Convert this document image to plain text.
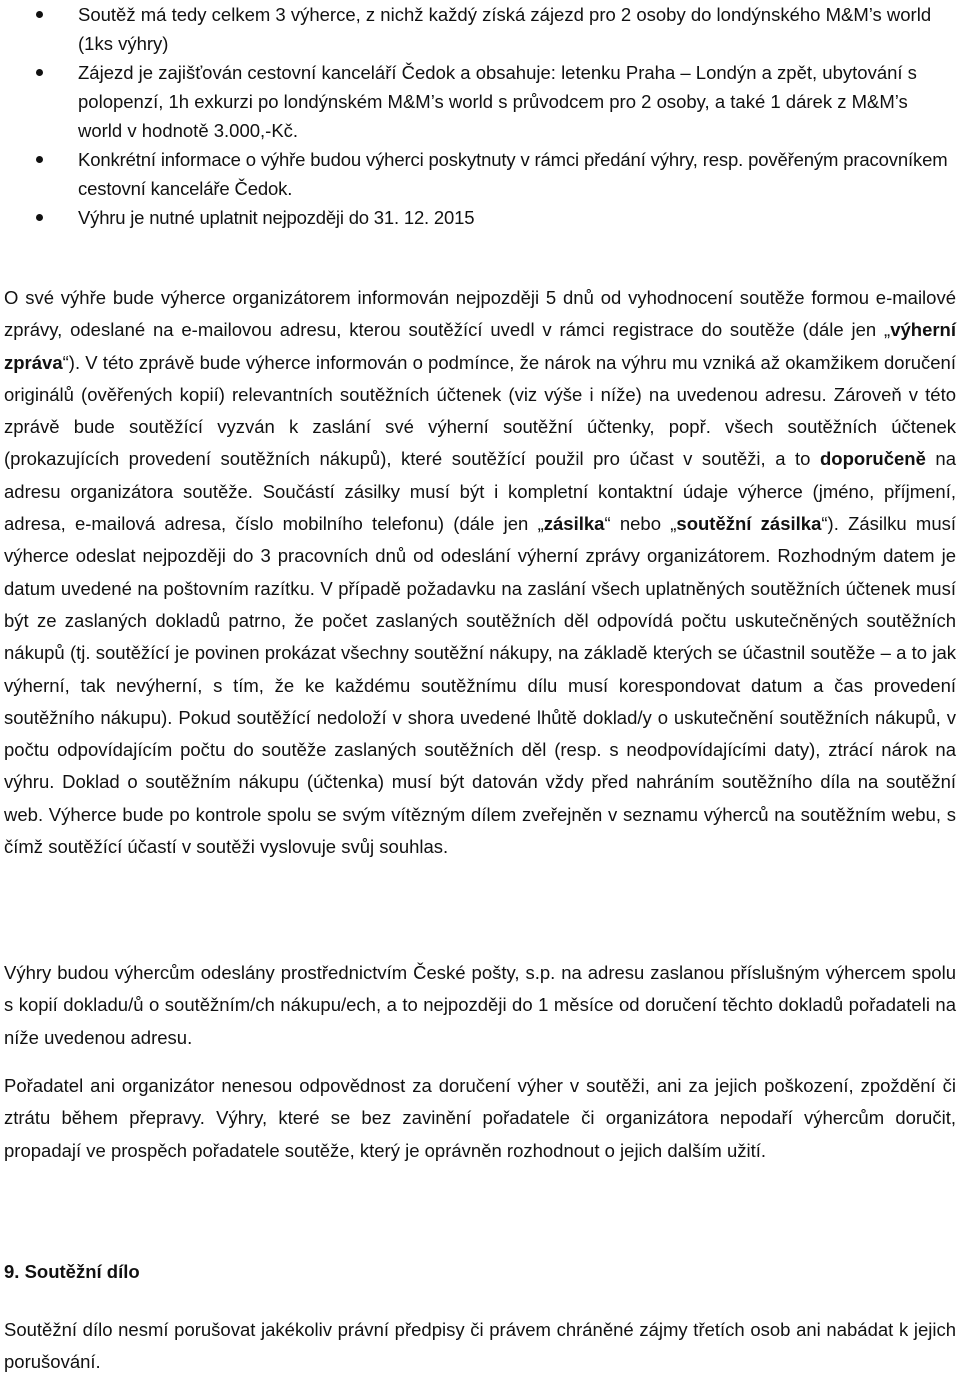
Soutěž má tedy celkem 3 výherce, z nichž každý získá zájezd pro 2 osoby do londýnského M&M’s world (1ks výhry)
Zájezd je zajišťován cestovní kanceláří Čedok a obsahuje: letenku Praha – Londýn a zpět, ubytování s polopenzí, 1h exkurzi po londýnském M&M’s world s průvodcem pro 2 osoby, a také 1 dárek z M&M’s world v hodnotě 3.000,-Kč.
Konkrétní informace o výhře budou výherci poskytnuty v rámci předání výhry, resp. pověřeným pracovníkem cestovní kanceláře Čedok.
Výhru je nutné uplatnit nejpozději do 31. 12. 2015

O své výhře bude výherce organizátorem informován nejpozději 5 dnů od vyhodnocení soutěže formou e-mailové zprávy, odeslané na e-mailovou adresu, kterou soutěžící uvedl v rámci registrace do soutěže (dále jen „výherní zpráva“). V této zprávě bude výherce informován o podmínce, že nárok na výhru mu vzniká až okamžikem doručení originálů (ověřených kopií) relevantních soutěžních účtenek (viz výše i níže) na uvedenou adresu. Zároveň v této zprávě bude soutěžící vyzván k zaslání své výherní soutěžní účtenky, popř. všech soutěžních účtenek (prokazujících provedení soutěžních nákupů), které soutěžící použil pro účast v soutěži, a to doporučeně na adresu organizátora soutěže. Součástí zásilky musí být i kompletní kontaktní údaje výherce (jméno, příjmení, adresa, e-mailová adresa, číslo mobilního telefonu) (dále jen „zásilka“ nebo „soutěžní zásilka“). Zásilku musí výherce odeslat nejpozději do 3 pracovních dnů od odeslání výherní zprávy organizátorem. Rozhodným datem je datum uvedené na poštovním razítku. V případě požadavku na zaslání všech uplatněných soutěžních účtenek musí být ze zaslaných dokladů patrno, že počet zaslaných soutěžních děl odpovídá počtu uskutečněných soutěžních nákupů (tj. soutěžící je povinen prokázat všechny soutěžní nákupy, na základě kterých se účastnil soutěže – a to jak výherní, tak nevýherní, s tím, že ke každému soutěžnímu dílu musí korespondovat datum a čas provedení soutěžního nákupu). Pokud soutěžící nedoloží v shora uvedené lhůtě doklad/y o uskutečnění soutěžních nákupů, v počtu odpovídajícím počtu do soutěže zaslaných soutěžních děl (resp. s neodpovídajícími daty), ztrácí nárok na výhru. Doklad o soutěžním nákupu (účtenka) musí být datován vždy před nahráním soutěžního díla na soutěžní web. Výherce bude po kontrole spolu se svým vítězným dílem zveřejněn v seznamu výherců na soutěžním webu, s čímž soutěžící účastí v soutěži vyslovuje svůj souhlas.

Výhry budou výhercům odeslány prostřednictvím České pošty, s.p. na adresu zaslanou příslušným výhercem spolu s kopií dokladu/ů o soutěžním/ch nákupu/ech, a to nejpozději do 1 měsíce od doručení těchto dokladů pořadateli na níže uvedenou adresu.

Pořadatel ani organizátor nenesou odpovědnost za doručení výher v soutěži, ani za jejich poškození, zpoždění či ztrátu během přepravy. Výhry, které se bez zavinění pořadatele či organizátora nepodaří výhercům doručit, propadají ve prospěch pořadatele soutěže, který je oprávněn rozhodnout o jejich dalším užití.

9. Soutěžní dílo

Soutěžní dílo nesmí porušovat jakékoliv právní předpisy či právem chráněné zájmy třetích osob ani nabádat k jejich porušování.
